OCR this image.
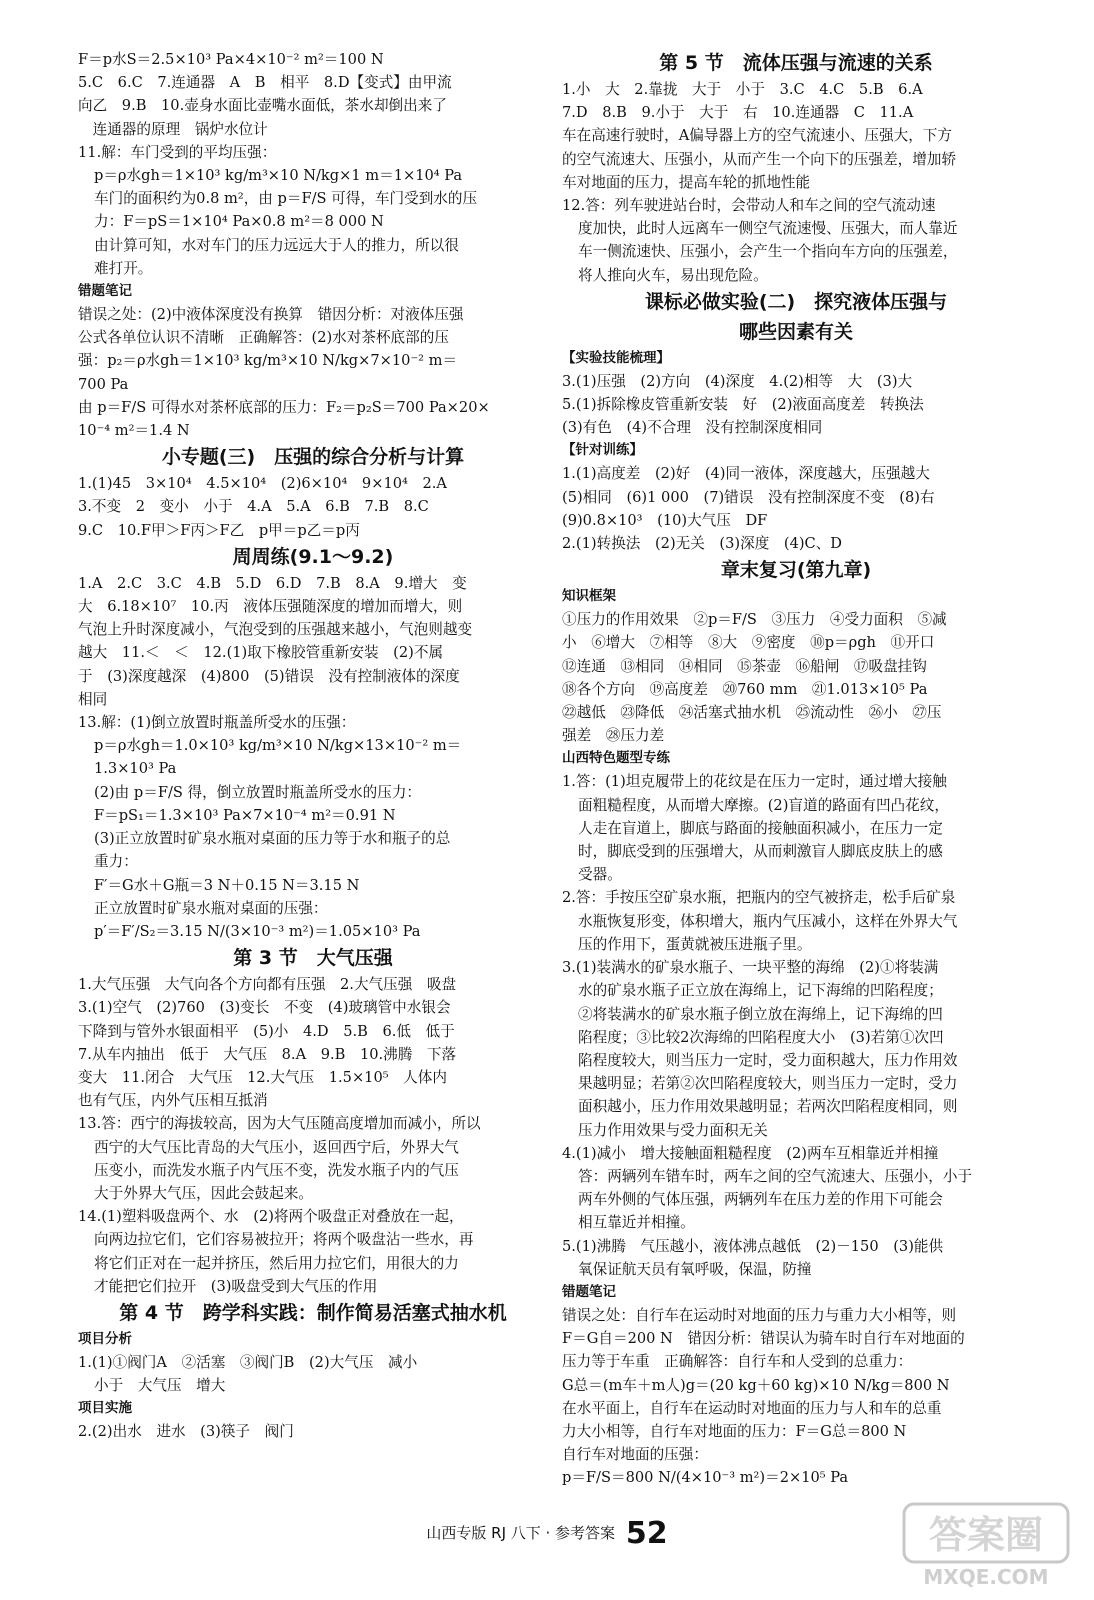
F＝p水S＝2.5×10³ Pa×4×10⁻² m²＝100 N
5.C　6.C　7.连通器　A　B　相平　8.D【变式】由甲流
向乙　9.B　10.壶身水面比壶嘴水面低，茶水却倒出来了
　连通器的原理　锅炉水位计
11.解：车门受到的平均压强：
p＝ρ水gh＝1×10³ kg/m³×10 N/kg×1 m＝1×10⁴ Pa
车门的面积约为0.8 m²，由 p＝F/S 可得，车门受到水的压
力：F＝pS＝1×10⁴ Pa×0.8 m²＝8 000 N
由计算可知，水对车门的压力远远大于人的推力，所以很
难打开。
错题笔记
错误之处：(2)中液体深度没有换算　错因分析：对液体压强
公式各单位认识不清晰　正确解答：(2)水对茶杯底部的压
强：p₂＝ρ水gh＝1×10³ kg/m³×10 N/kg×7×10⁻² m＝
700 Pa
由 p＝F/S 可得水对茶杯底部的压力：F₂＝p₂S＝700 Pa×20×
10⁻⁴ m²＝1.4 N
小专题(三)　压强的综合分析与计算
1.(1)45　3×10⁴　4.5×10⁴　(2)6×10⁴　9×10⁴　2.A
3.不变　2　变小　小于　4.A　5.A　6.B　7.B　8.C
9.C　10.F甲＞F丙＞F乙　p甲＝p乙＝p丙
周周练(9.1～9.2)
1.A　2.C　3.C　4.B　5.D　6.D　7.B　8.A　9.增大　变
大　6.18×10⁷　10.丙　液体压强随深度的增加而增大，则
气泡上升时深度减小，气泡受到的压强越来越小，气泡则越变
越大　11.＜　＜　12.(1)取下橡胶管重新安装　(2)不属
于　(3)深度越深　(4)800　(5)错误　没有控制液体的深度
相同
13.解：(1)倒立放置时瓶盖所受水的压强：
p＝ρ水gh＝1.0×10³ kg/m³×10 N/kg×13×10⁻² m＝
1.3×10³ Pa
(2)由 p＝F/S 得，倒立放置时瓶盖所受水的压力：
F＝pS₁＝1.3×10³ Pa×7×10⁻⁴ m²＝0.91 N
(3)正立放置时矿泉水瓶对桌面的压力等于水和瓶子的总
重力：
F′＝G水＋G瓶＝3 N＋0.15 N＝3.15 N
正立放置时矿泉水瓶对桌面的压强：
p′＝F′/S₂＝3.15 N/(3×10⁻³ m²)＝1.05×10³ Pa
第 3 节　大气压强
1.大气压强　大气向各个方向都有压强　2.大气压强　吸盘
3.(1)空气　(2)760　(3)变长　不变　(4)玻璃管中水银会
下降到与管外水银面相平　(5)小　4.D　5.B　6.低　低于
7.从车内抽出　低于　大气压　8.A　9.B　10.沸腾　下落
变大　11.闭合　大气压　12.大气压　1.5×10⁵　人体内
也有气压，内外气压相互抵消
13.答：西宁的海拔较高，因为大气压随高度增加而减小，所以
西宁的大气压比青岛的大气压小，返回西宁后，外界大气
压变小，而洗发水瓶子内气压不变，洗发水瓶子内的气压
大于外界大气压，因此会鼓起来。
14.(1)塑料吸盘两个、水　(2)将两个吸盘正对叠放在一起，
向两边拉它们，它们容易被拉开；将两个吸盘沾一些水，再
将它们正对在一起并挤压，然后用力拉它们，用很大的力
才能把它们拉开　(3)吸盘受到大气压的作用
第 4 节　跨学科实践：制作简易活塞式抽水机
项目分析
1.(1)①阀门A　②活塞　③阀门B　(2)大气压　减小
小于　大气压　增大
项目实施
2.(2)出水　进水　(3)筷子　阀门
第 5 节　流体压强与流速的关系
1.小　大　2.靠拢　大于　小于　3.C　4.C　5.B　6.A
7.D　8.B　9.小于　大于　右　10.连通器　C　11.A
车在高速行驶时，A偏导器上方的空气流速小、压强大，下方
的空气流速大、压强小，从而产生一个向下的压强差，增加轿
车对地面的压力，提高车轮的抓地性能
12.答：列车驶进站台时，会带动人和车之间的空气流动速
度加快，此时人远离车一侧空气流速慢、压强大，而人靠近
车一侧流速快、压强小，会产生一个指向车方向的压强差，
将人推向火车，易出现危险。
课标必做实验(二)　探究液体压强与
哪些因素有关
【实验技能梳理】
3.(1)压强　(2)方向　(4)深度　4.(2)相等　大　(3)大
5.(1)拆除橡皮管重新安装　好　(2)液面高度差　转换法
(3)有色　(4)不合理　没有控制深度相同
【针对训练】
1.(1)高度差　(2)好　(4)同一液体，深度越大，压强越大
(5)相同　(6)1 000　(7)错误　没有控制深度不变　(8)右
(9)0.8×10³　(10)大气压　DF
2.(1)转换法　(2)无关　(3)深度　(4)C、D
章末复习(第九章)
知识框架
①压力的作用效果　②p＝F/S　③压力　④受力面积　⑤减
小　⑥增大　⑦相等　⑧大　⑨密度　⑩p＝ρgh　⑪开口
⑫连通　⑬相同　⑭相同　⑮茶壶　⑯船闸　⑰吸盘挂钩
⑱各个方向　⑲高度差　⑳760 mm　㉑1.013×10⁵ Pa
㉒越低　㉓降低　㉔活塞式抽水机　㉕流动性　㉖小　㉗压
强差　㉘压力差
山西特色题型专练
1.答：(1)坦克履带上的花纹是在压力一定时，通过增大接触
面粗糙程度，从而增大摩擦。(2)盲道的路面有凹凸花纹，
人走在盲道上，脚底与路面的接触面积减小，在压力一定
时，脚底受到的压强增大，从而刺激盲人脚底皮肤上的感
受器。
2.答：手按压空矿泉水瓶，把瓶内的空气被挤走，松手后矿泉
水瓶恢复形变，体积增大，瓶内气压减小，这样在外界大气
压的作用下，蛋黄就被压进瓶子里。
3.(1)装满水的矿泉水瓶子、一块平整的海绵　(2)①将装满
水的矿泉水瓶子正立放在海绵上，记下海绵的凹陷程度；
②将装满水的矿泉水瓶子倒立放在海绵上，记下海绵的凹
陷程度；③比较2次海绵的凹陷程度大小　(3)若第①次凹
陷程度较大，则当压力一定时，受力面积越大，压力作用效
果越明显；若第②次凹陷程度较大，则当压力一定时，受力
面积越小，压力作用效果越明显；若两次凹陷程度相同，则
压力作用效果与受力面积无关
4.(1)减小　增大接触面粗糙程度　(2)两车互相靠近并相撞
答：两辆列车错车时，两车之间的空气流速大、压强小，小于
两车外侧的气体压强，两辆列车在压力差的作用下可能会
相互靠近并相撞。
5.(1)沸腾　气压越小，液体沸点越低　(2)－150　(3)能供
氧保证航天员有氧呼吸，保温，防撞
错题笔记
错误之处：自行车在运动时对地面的压力与重力大小相等，则
F＝G自＝200 N　错因分析：错误认为骑车时自行车对地面的
压力等于车重　正确解答：自行车和人受到的总重力：
G总＝(m车＋m人)g＝(20 kg＋60 kg)×10 N/kg＝800 N
在水平面上，自行车在运动时对地面的压力与人和车的总重
力大小相等，自行车对地面的压力：F＝G总＝800 N
自行车对地面的压强：
p＝F/S＝800 N/(4×10⁻³ m²)＝2×10⁵ Pa
山西专版 RJ 八下 · 参考答案 52	答案圈
MXQE.COM
